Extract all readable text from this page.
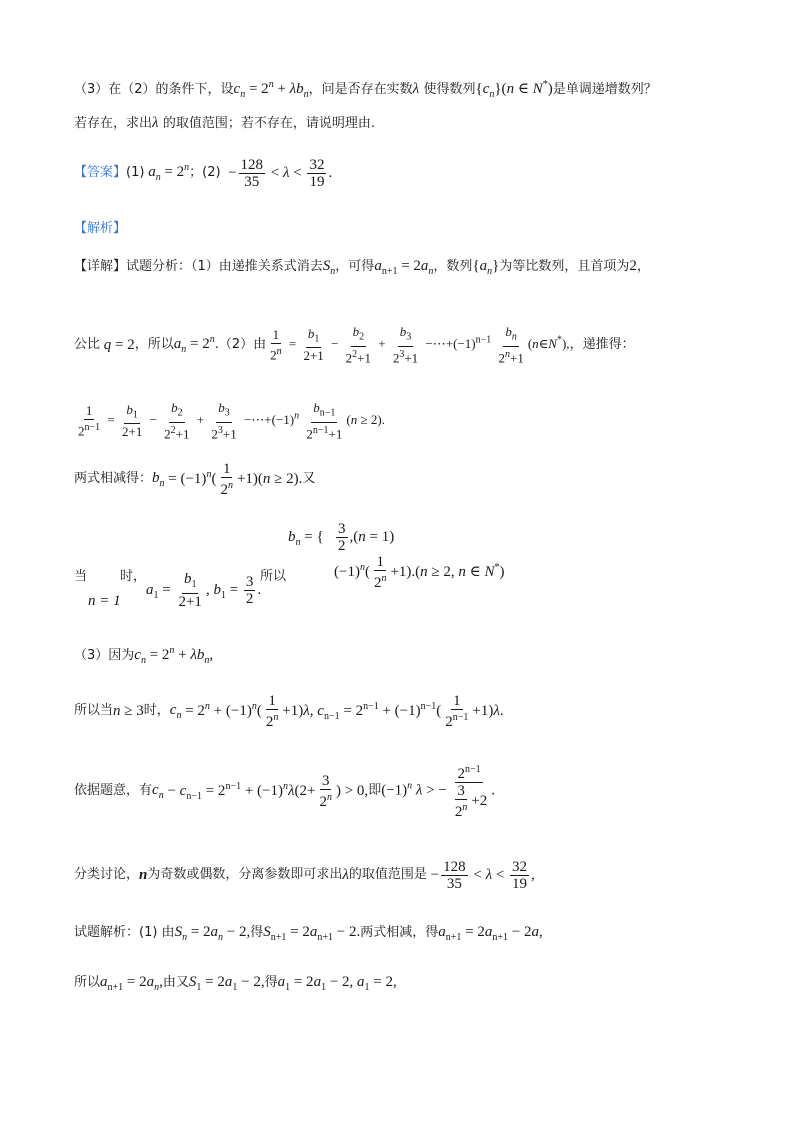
（3）在（2）的条件下，设$c_n = 2^n + \lambda b_n$，问是否存在实数λ 使得数列$\{c_n\}(n$ ∈ N*)是单调递增数列？
若存在，求出λ 的取值范围；若不存在，请说明理由.
【答案】 (1) $a_n = 2^n$ ；$(2) - \frac{128}{35} < \lambda < \frac{32}{19}$ .
【解析】
【详解】试题分析：（1）由递推关系式消去$S_n$，可得$a_{n+1} = 2a_n$，数列$\{a_n\}$为等比数列，且首项为2，
公比 q = 2 ，所以 $a_n = 2^n$ .（2）由 $\frac{1}{2^n} = \frac{b_1}{2+1} - \frac{b_2}{2^2+1} + \frac{b_3}{2^3+1}$ $-\cdots+(-1)^{n-1} \frac{b_n}{2^n+1}$ (n∈N*), ，递推得：
$\frac{1}{2^{n-1}} = \frac{b_1}{2+1} - \frac{b_2}{2^2+1} + \frac{b_3}{2^3+1}$ $-\cdots+(-1)^n \frac{b_{n-1}}{2^{n-1}+1} (n \ge 2)$.
两式相减得： $b_n = (-1)^n( \frac{1}{2^n} +1)(n \ge 2)$. 又
当	时，
n = 1
$a_1 = \frac{b_1}{2+1}$ , $b_1 = \frac{3}{2}$ .
所以
$b_n$ = { $\frac{3}{2} ,(n = 1)$
$(-1)^n( \frac{1}{2^n} +1).(n \ge 2$, n ∈ N*)
（3）因为$c_n = 2^n + \lambda b_n$,
所以当 n ≥ 3 时， $c_n = 2^n + (-1)^n( \frac{1}{2^n} +1)\lambda$, $c_{n-1} = 2^{n-1} + (-1)^{n-1}( \frac{1}{2^{n-1}} +1)\lambda$.
依据题意，有 $c_n - c_{n-1} = 2^{n-1} + (-1)^n\lambda(2+ \frac{3}{2^n}$ ) > 0, 即 $(-1)^n$ λ > − $\frac{2^{n-1}}{\frac{3}{2^n} +2}$ .
分类讨论， n 为奇数或偶数，分离参数即可求出 λ 的取值范围是 − $\frac{128}{35} < \lambda < \frac{32}{19}$ ,
试题解析：(1) 由$S_n = 2a_n - 2$,得$S_{n+1} = 2a_{n+1} - 2$.两式相减，得$a_{n+1} = 2a_{n+1} - 2a$,
所以$a_{n+1} = 2a_n$,由又$S_1 = 2a_1 - 2$,得$a_1 = 2a_1 - 2$, $a_1 = 2$,
